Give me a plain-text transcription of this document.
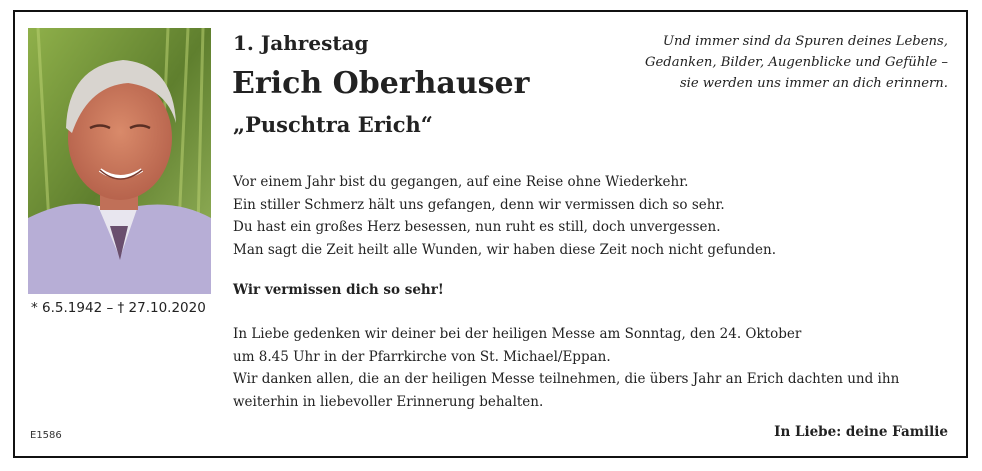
* 6.5.1942 – † 27.10.2020
E1586
1. Jahrestag
Erich Oberhauser
„Puschtra Erich“
Und immer sind da Spuren deines Lebens,
Gedanken, Bilder, Augenblicke und Gefühle –
sie werden uns immer an dich erinnern.
Vor einem Jahr bist du gegangen, auf eine Reise ohne Wiederkehr.
Ein stiller Schmerz hält uns gefangen, denn wir vermissen dich so sehr.
Du hast ein großes Herz besessen, nun ruht es still, doch unvergessen.
Man sagt die Zeit heilt alle Wunden, wir haben diese Zeit noch nicht gefunden.
Wir vermissen dich so sehr!
In Liebe gedenken wir deiner bei der heiligen Messe am Sonntag, den 24. Oktober
um 8.45 Uhr in der Pfarrkirche von St. Michael/Eppan.
Wir danken allen, die an der heiligen Messe teilnehmen, die übers Jahr an Erich dachten und ihn
weiterhin in liebevoller Erinnerung behalten.
In Liebe: deine Familie
